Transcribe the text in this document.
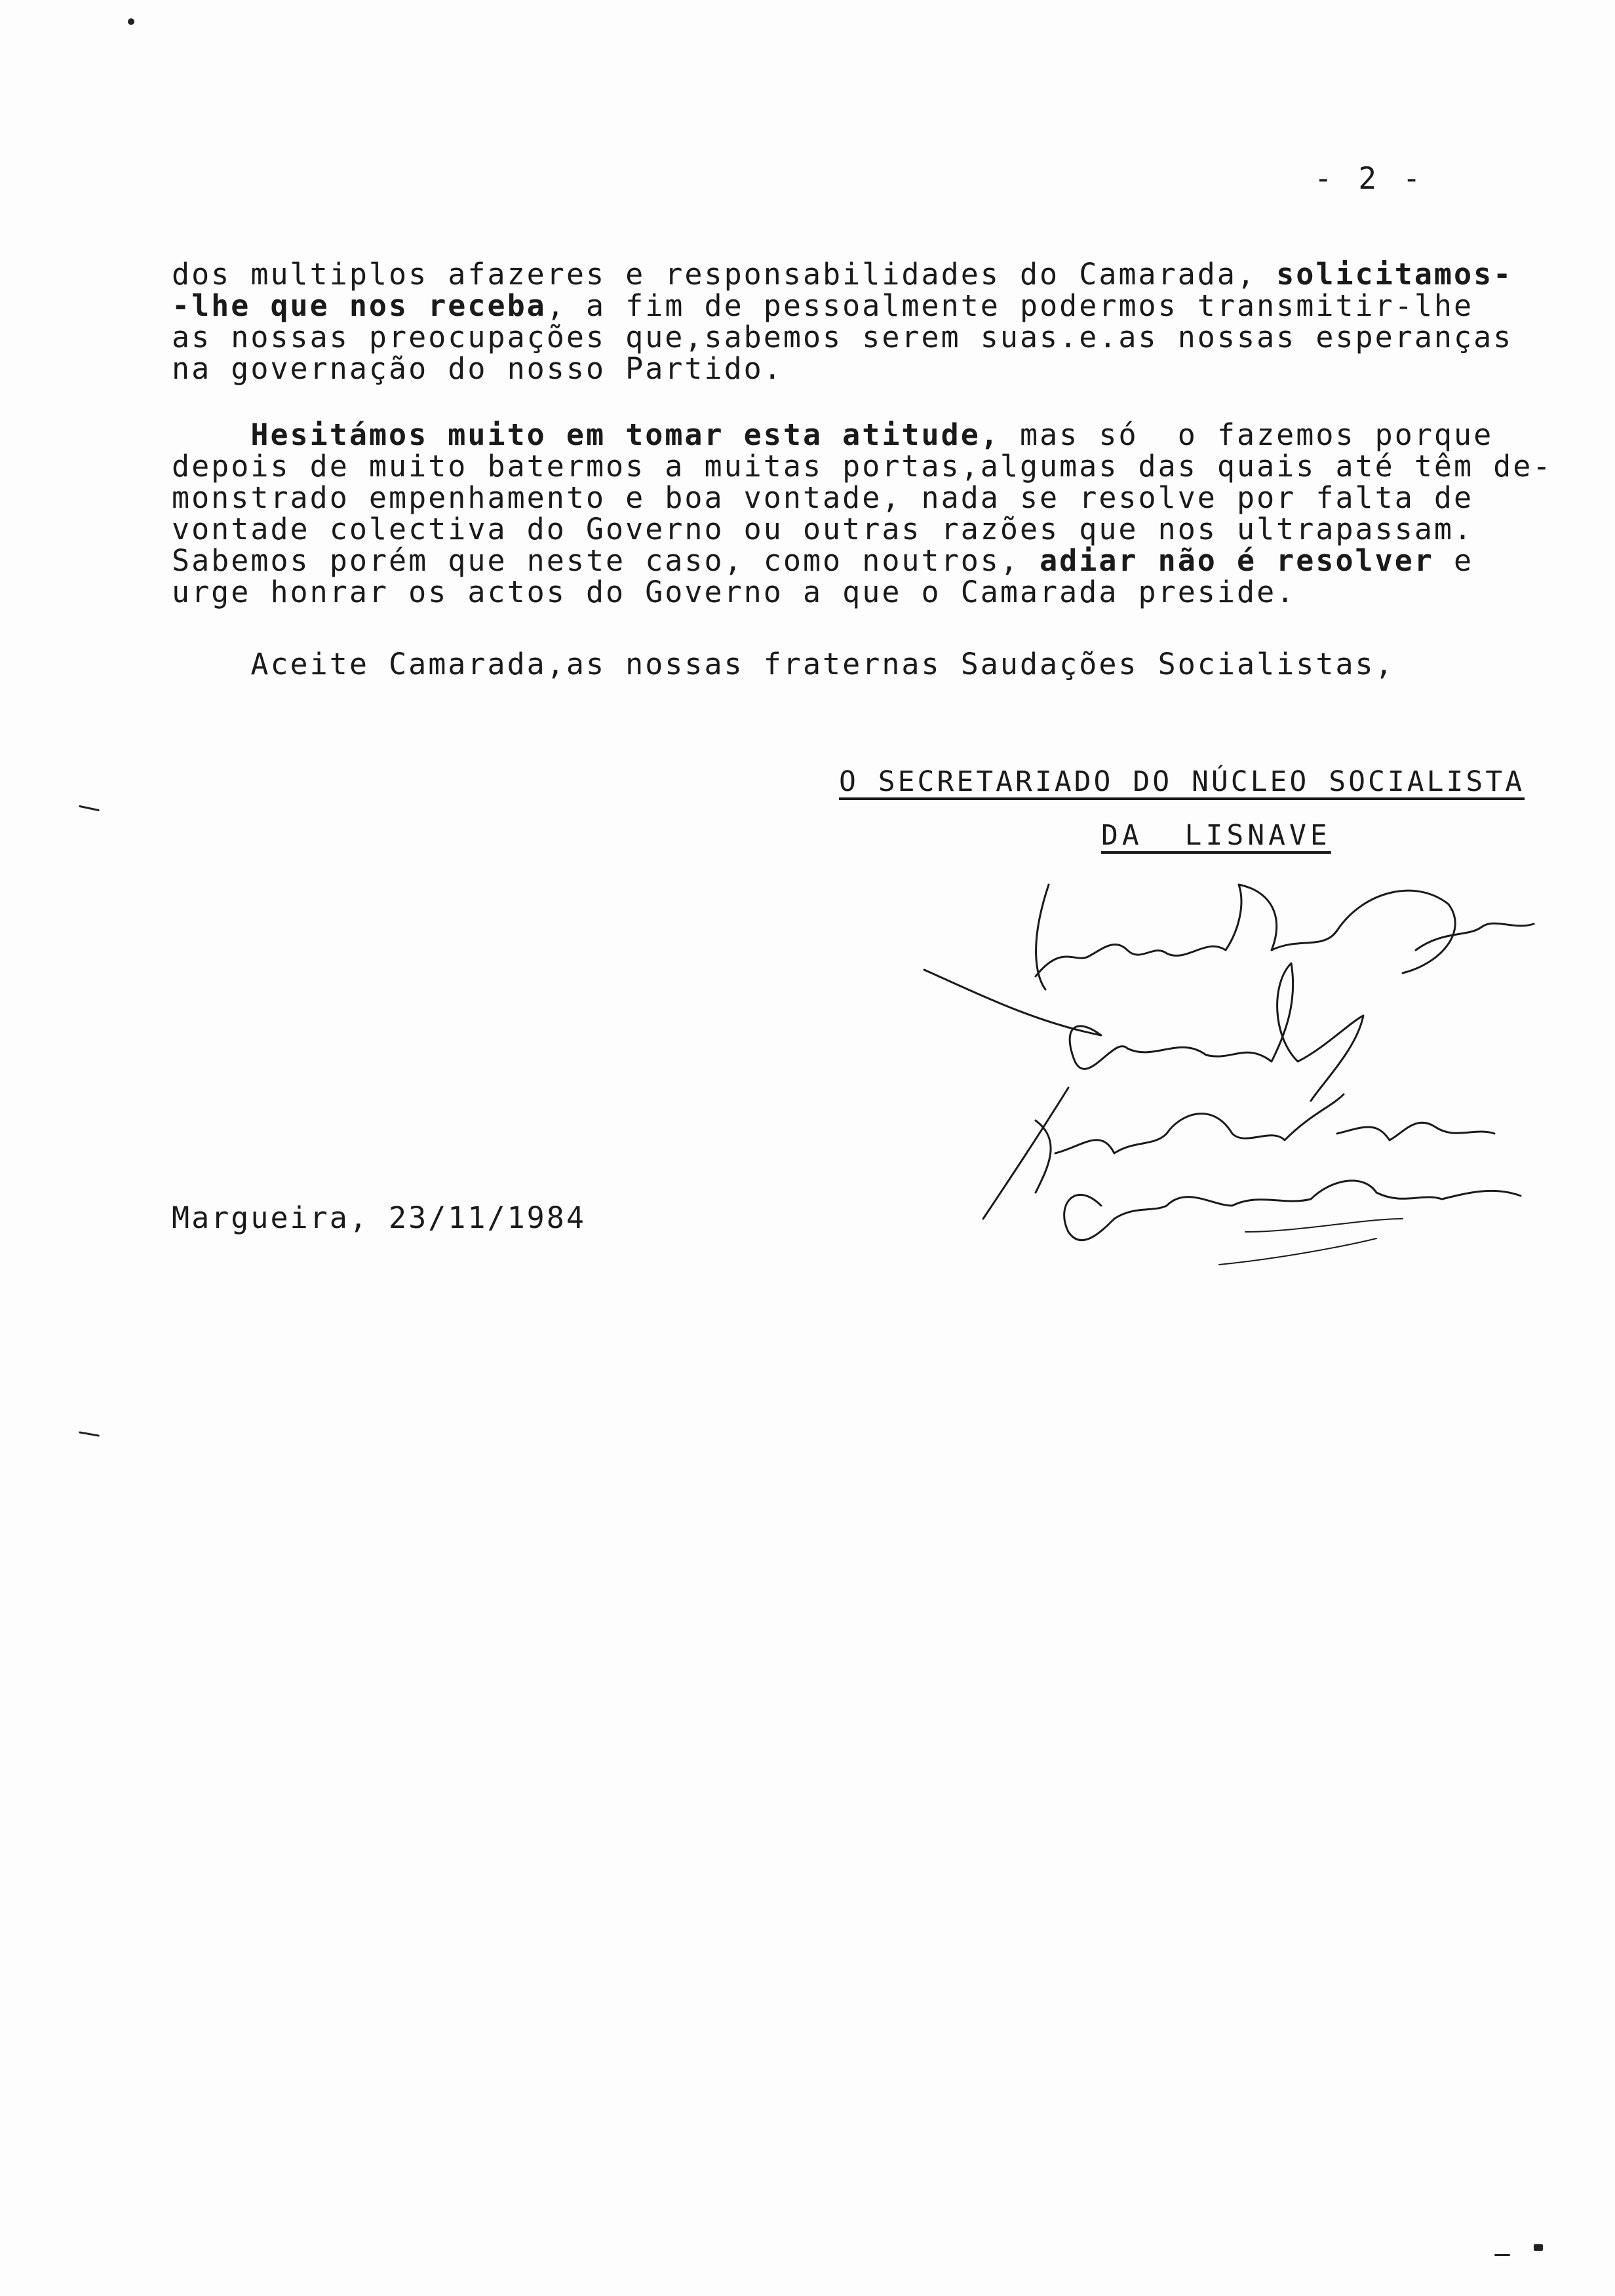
- 2 -
dos multiplos afazeres e responsabilidades do Camarada, solicitamos-
-lhe que nos receba, a fim de pessoalmente podermos transmitir-lhe
as nossas preocupações que,sabemos serem suas.e.as nossas esperanças
na governação do nosso Partido.
Hesitámos muito em tomar esta atitude, mas só  o fazemos porque
depois de muito batermos a muitas portas,algumas das quais até têm de-
monstrado empenhamento e boa vontade, nada se resolve por falta de
vontade colectiva do Governo ou outras razões que nos ultrapassam.
Sabemos porém que neste caso, como noutros, adiar não é resolver e
urge honrar os actos do Governo a que o Camarada preside.
Aceite Camarada,as nossas fraternas Saudações Socialistas,
O SECRETARIADO DO NÚCLEO SOCIALISTA
DA  LISNAVE
Margueira, 23/11/1984
